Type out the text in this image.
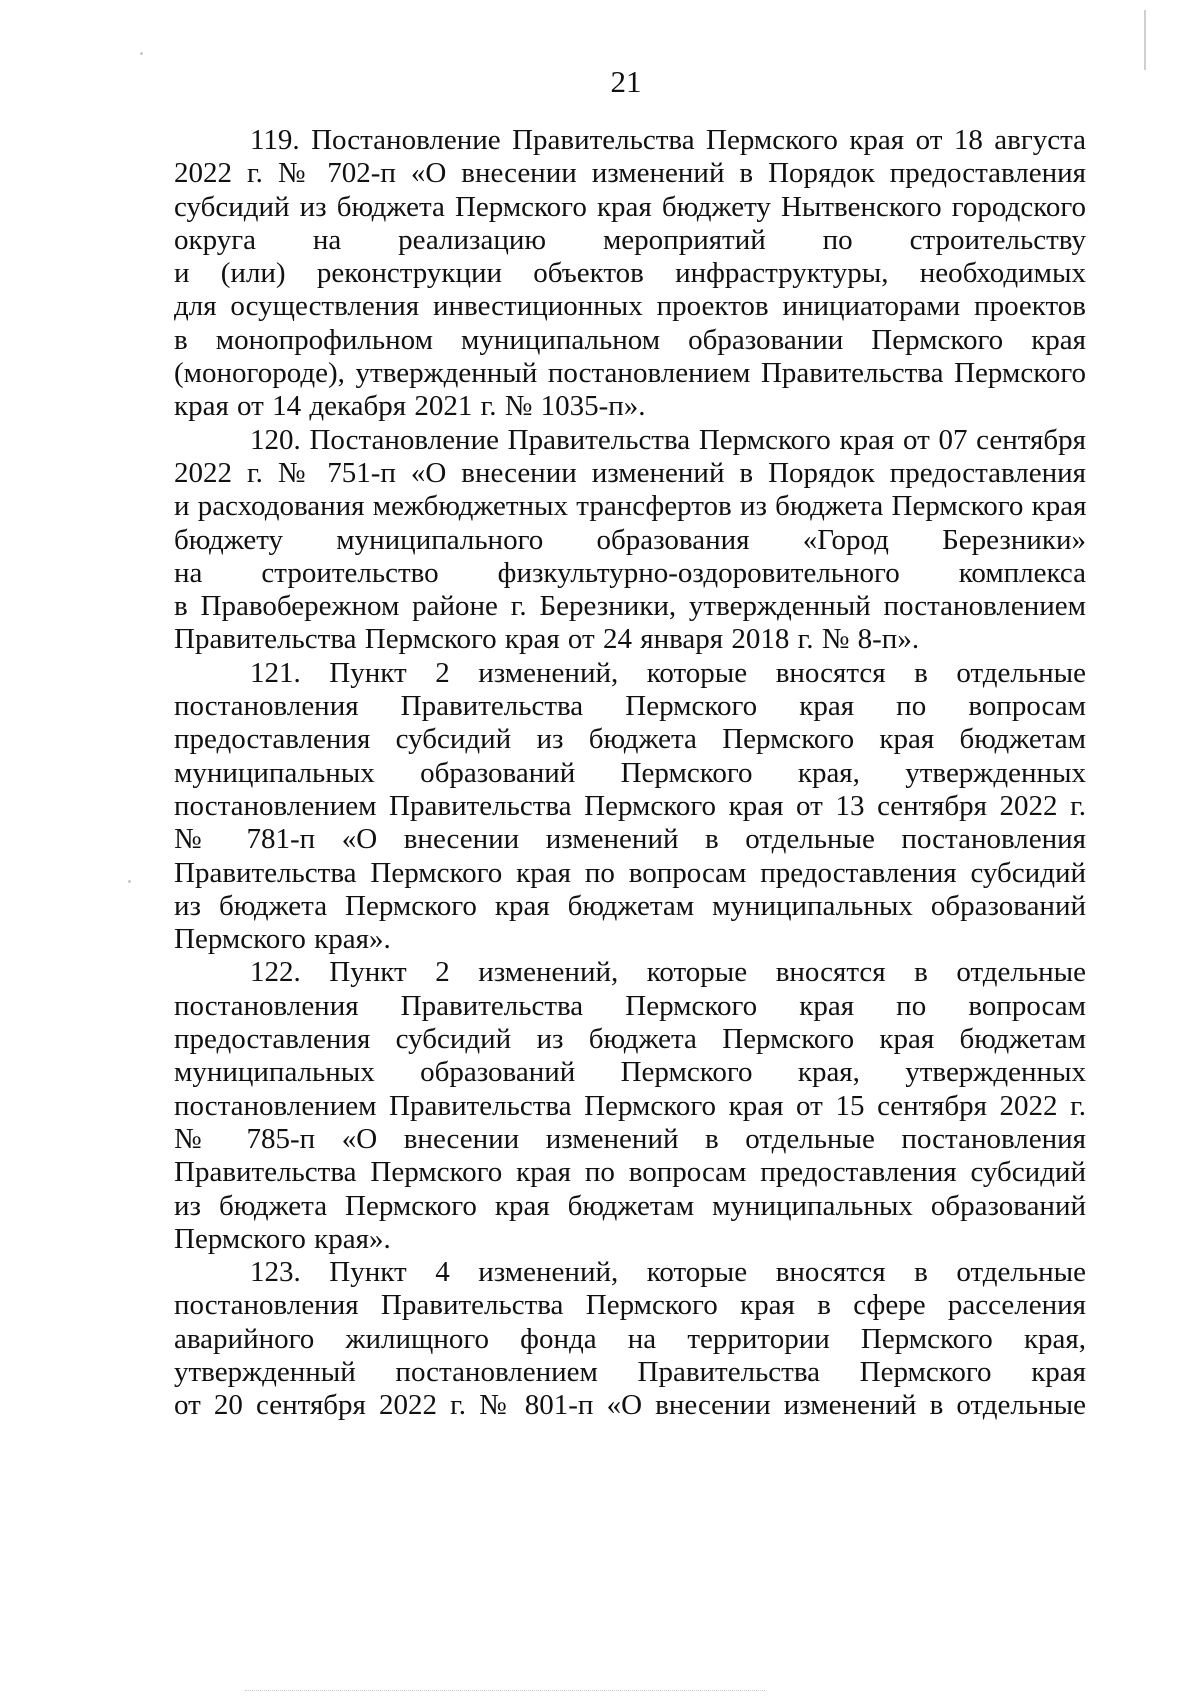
21
119. Постановление Правительства Пермского края от 18 августа
2022 г. № 702-п «О внесении изменений в Порядок предоставления
субсидий из бюджета Пермского края бюджету Нытвенского городского
округа на реализацию мероприятий по строительству
и (или) реконструкции объектов инфраструктуры, необходимых
для осуществления инвестиционных проектов инициаторами проектов
в монопрофильном муниципальном образовании Пермского края
(моногороде), утвержденный постановлением Правительства Пермского
края от 14 декабря 2021 г. № 1035-п».
120. Постановление Правительства Пермского края от 07 сентября
2022 г. № 751-п «О внесении изменений в Порядок предоставления
и расходования межбюджетных трансфертов из бюджета Пермского края
бюджету муниципального образования «Город Березники»
на строительство физкультурно-оздоровительного комплекса
в Правобережном районе г. Березники, утвержденный постановлением
Правительства Пермского края от 24 января 2018 г. № 8-п».
121. Пункт 2 изменений, которые вносятся в отдельные
постановления Правительства Пермского края по вопросам
предоставления субсидий из бюджета Пермского края бюджетам
муниципальных образований Пермского края, утвержденных
постановлением Правительства Пермского края от 13 сентября 2022 г.
№ 781-п «О внесении изменений в отдельные постановления
Правительства Пермского края по вопросам предоставления субсидий
из бюджета Пермского края бюджетам муниципальных образований
Пермского края».
122. Пункт 2 изменений, которые вносятся в отдельные
постановления Правительства Пермского края по вопросам
предоставления субсидий из бюджета Пермского края бюджетам
муниципальных образований Пермского края, утвержденных
постановлением Правительства Пермского края от 15 сентября 2022 г.
№ 785-п «О внесении изменений в отдельные постановления
Правительства Пермского края по вопросам предоставления субсидий
из бюджета Пермского края бюджетам муниципальных образований
Пермского края».
123. Пункт 4 изменений, которые вносятся в отдельные
постановления Правительства Пермского края в сфере расселения
аварийного жилищного фонда на территории Пермского края,
утвержденный постановлением Правительства Пермского края
от 20 сентября 2022 г. № 801-п «О внесении изменений в отдельные
